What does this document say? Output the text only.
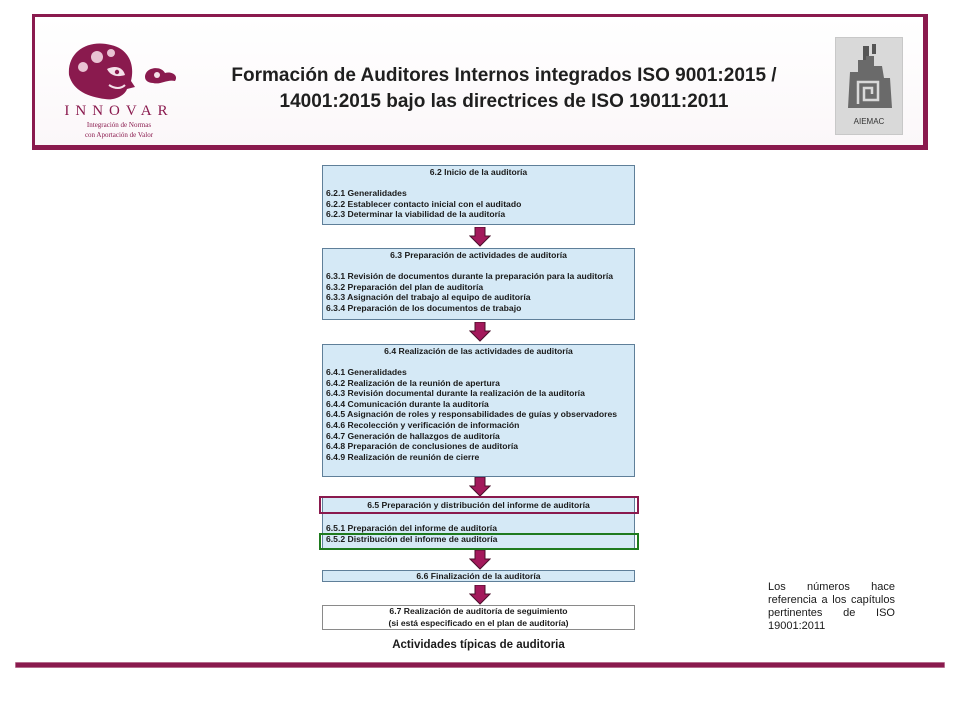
INNOVAR
Integración de Normas
con Aportación de Valor
Formación de Auditores Internos integrados ISO 9001:2015 /
14001:2015 bajo las directrices de ISO 19011:2011
AIEMAC
6.2 Inicio de la auditoría
6.2.1 Generalidades
6.2.2 Establecer contacto inicial con el auditado
6.2.3 Determinar la viabilidad de la auditoría
6.3 Preparación de actividades de auditoría
6.3.1 Revisión de documentos durante la preparación para la auditoría
6.3.2 Preparación del plan de auditoría
6.3.3 Asignación del trabajo al equipo de auditoría
6.3.4 Preparación de los documentos de trabajo
6.4 Realización de las actividades de auditoría
6.4.1 Generalidades
6.4.2 Realización de la reunión de apertura
6.4.3 Revisión documental durante la realización de la auditoría
6.4.4 Comunicación durante la auditoría
6.4.5 Asignación de roles y responsabilidades de guías y observadores
6.4.6 Recolección y verificación de información
6.4.7 Generación de hallazgos de auditoría
6.4.8 Preparación de conclusiones de auditoría
6.4.9 Realización de reunión de cierre
6.5 Preparación y distribución del informe de auditoría
6.5.1 Preparación del informe de auditoría
6.5.2 Distribución del informe de auditoría
6.6 Finalización de la auditoría
6.7 Realización de auditoría de seguimiento
(si está especificado en el plan de auditoría)
Actividades típicas de auditoria
Los números hace referencia a los capítulos pertinentes de ISO 19001:2011
